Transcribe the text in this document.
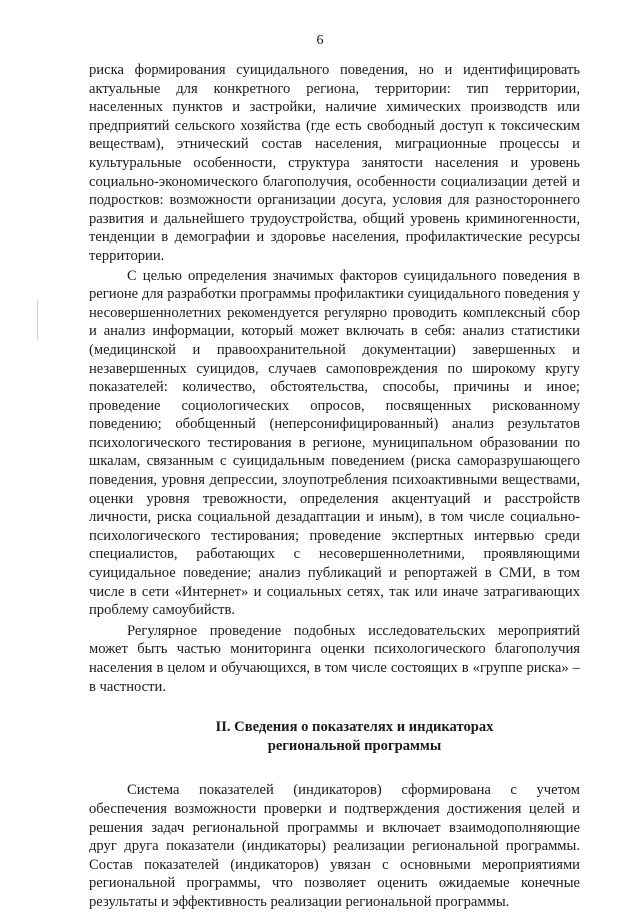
6

риска формирования суицидального поведения, но и идентифицировать актуальные для конкретного региона, территории: тип территории, населенных пунктов и застройки, наличие химических производств или предприятий сельского хозяйства (где есть свободный доступ к токсическим веществам), этнический состав населения, миграционные процессы и культуральные особенности, структура занятости населения и уровень социально-экономического благополучия, особенности социализации детей и подростков: возможности организации досуга, условия для разностороннего развития и дальнейшего трудоустройства, общий уровень криминогенности, тенденции в демографии и здоровье населения, профилактические ресурсы территории.

С целью определения значимых факторов суицидального поведения в регионе для разработки программы профилактики суицидального поведения у несовершеннолетних рекомендуется регулярно проводить комплексный сбор и анализ информации, который может включать в себя: анализ статистики (медицинской и правоохранительной документации) завершенных и незавершенных суицидов, случаев самоповреждения по широкому кругу показателей: количество, обстоятельства, способы, причины и иное; проведение социологических опросов, посвященных рискованному поведению; обобщенный (неперсонифицированный) анализ результатов психологического тестирования в регионе, муниципальном образовании по шкалам, связанным с суицидальным поведением (риска саморазрушающего поведения, уровня депрессии, злоупотребления психоактивными веществами, оценки уровня тревожности, определения акцентуаций и расстройств личности, риска социальной дезадаптации и иным), в том числе социально-психологического тестирования; проведение экспертных интервью среди специалистов, работающих с несовершеннолетними, проявляющими суицидальное поведение; анализ публикаций и репортажей в СМИ, в том числе в сети «Интернет» и социальных сетях, так или иначе затрагивающих проблему самоубийств.

Регулярное проведение подобных исследовательских мероприятий может быть частью мониторинга оценки психологического благополучия населения в целом и обучающихся, в том числе состоящих в «группе риска» – в частности.

II. Сведения о показателях и индикаторах
региональной программы

Система показателей (индикаторов) сформирована с учетом обеспечения возможности проверки и подтверждения достижения целей и решения задач региональной программы и включает взаимодополняющие друг друга показатели (индикаторы) реализации региональной программы. Состав показателей (индикаторов) увязан с основными мероприятиями региональной программы, что позволяет оценить ожидаемые конечные результаты и эффективность реализации региональной программы.
